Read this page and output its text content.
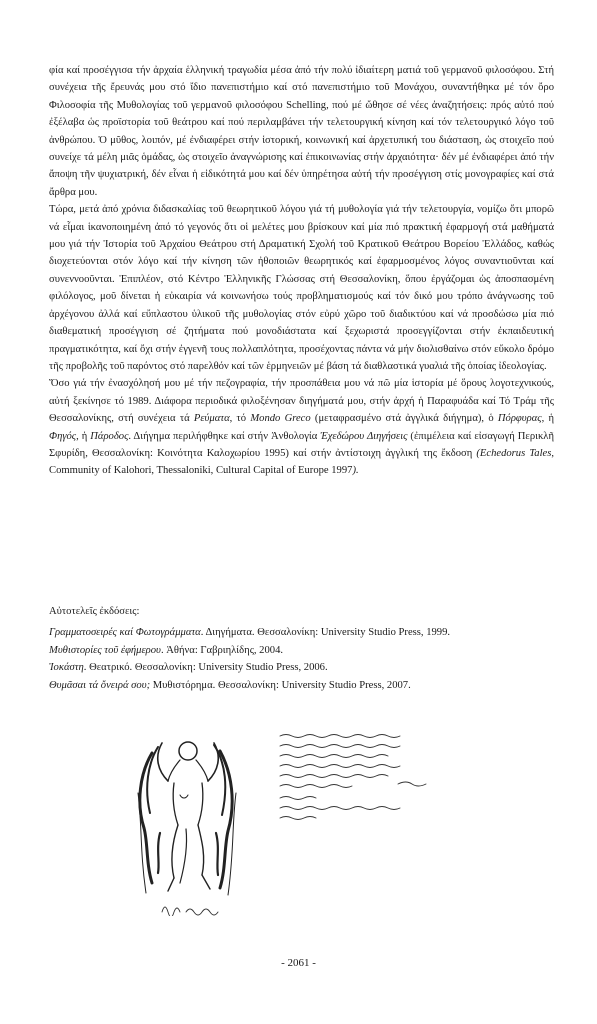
φία καί προσέγγισα τήν ἀρχαία ἑλληνική τραγωδία μέσα ἀπό τήν πολύ ἰδιαίτερη ματιά τοῦ γερμανοῦ φιλοσόφου. Στή συνέχεια τῆς ἔρευνάς μου στό ἴδιο πανεπιστήμιο καί στό πανεπιστήμιο τοῦ Μονάχου, συναντήθηκα μέ τόν ὄρο Φιλοσοφία τῆς Μυθολογίας τοῦ γερμανοῦ φιλοσόφου Schelling, πού μέ ὤθησε σέ νέες ἀναζητήσεις: πρός αὐτό πού ἐξέλαβα ὡς προϊστορία τοῦ θεάτρου καί πού περιλαμβάνει τήν τελετουργική κίνηση καί τόν τελετουργικό λόγο τοῦ ἀνθρώπου. Ὁ μῦθος, λοιπόν, μέ ἐνδιαφέρει στήν ἱστορική, κοινωνική καί ἀρχετυπική του διάσταση, ὡς στοιχεῖο πού συνείχε τά μέλη μιᾶς ὁμάδας, ὡς στοιχεῖο ἀναγνώρισης καί ἐπικοινωνίας στήν ἀρχαιότητα· δέν μέ ἐνδιαφέρει ἀπό τήν ἄποψη τῆν ψυχιατρική, δέν εἶναι ἡ εἰδικότητά μου καί δέν ὑπηρέτησα αὐτή τήν προσέγγιση στίς μονογραφίες καί στά ἄρθρα μου.

Τώρα, μετά ἀπό χρόνια διδασκαλίας τοῦ θεωρητικοῦ λόγου γιά τή μυθολογία γιά τήν τελετουργία, νομίζω ὅτι μπορῶ νά εἶμαι ἱκανοποιημένη ἀπό τό γεγονός ὅτι οἱ μελέτες μου βρίσκουν καί μία πιό πρακτική ἐφαρμογή στά μαθήματά μου γιά τήν Ἱστορία τοῦ Ἀρχαίου Θεάτρου στή Δραματική Σχολή τοῦ Κρατικοῦ Θεάτρου Βορείου Ἑλλάδος, καθώς διοχετεύονται στόν λόγο καί τήν κίνηση τῶν ἠθοποιῶν θεωρητικός καί ἐφαρμοσμένος λόγος συναντιοῦνται καί συνεννοοῦνται. Ἐπιπλέον, στό Κέντρο Ἑλληνικῆς Γλώσσας στή Θεσσαλονίκη, ὅπου ἐργάζομαι ὡς ἀποσπασμένη φιλόλογος, μοῦ δίνεται ἡ εὐκαιρία νά κοινωνήσω τούς προβληματισμούς καί τόν δικό μου τρόπο ἀνάγνωσης τοῦ ἀρχέγονου ἀλλά καί εὔπλαστου ὑλικοῦ τῆς μυθολογίας στόν εὐρύ χῶρο τοῦ διαδικτύου καί νά προσδώσω μία πιό διαθεματική προσέγγιση σέ ζητήματα πού μονοδιάστατα καί ξεχωριστά προσεγγίζονται στήν ἐκπαιδευτική πραγματικότητα, καί ὄχι στήν ἐγγενῆ τους πολλαπλότητα, προσέχοντας πάντα νά μήν διολισθαίνω στόν εὔκολο δρόμο τῆς προβολῆς τοῦ παρόντος στό παρελθόν καί τῶν ἑρμηνειῶν μέ βάση τά διαθλαστικά γυαλιά τῆς ὁποίας ἰδεολογίας.

Ὅσο γιά τήν ἐνασχόλησή μου μέ τήν πεζογραφία, τήν προσπάθεια μου νά πῶ μία ἱστορία μέ ὅρους λογοτεχνικούς, αὐτή ξεκίνησε τό 1989. Διάφορα περιοδικά φιλοξένησαν διηγήματά μου, στήν ἀρχή ἡ Παραφυάδα καί Τό Τράμ τῆς Θεσσαλονίκης, στή συνέχεια τά Ρεύματα, τό Mondo Greco (μεταφρασμένο στά ἀγγλικά διήγημα), ὁ Πόρφυρας, ἡ Φηγός, ἡ Πάροδος. Διήγημα περιλήφθηκε καί στήν Ἀνθολογία Ἐχεδώρου Διηγήσεις (ἐπιμέλεια καί εἰσαγωγή Περικλῆ Σφυρίδη, Θεσσαλονίκη: Κοινότητα Καλοχωρίου 1995) καί στήν ἀντίστοιχη ἀγγλική της ἔκδοση (Echedorus Tales, Community of Kalohori, Thessaloniki, Cultural Capital of Europe 1997).

Αὐτοτελεῖς ἐκδόσεις:

Γραμματοσειρές καί Φωτογράμματα. Διηγήματα. Θεσσαλονίκη: University Studio Press, 1999.

Μυθιστορίες τοῦ ἐφήμερου. Ἀθήνα: Γαβριηλίδης, 2004.

Ἰοκάστη. Θεατρικό. Θεσσαλονίκη: University Studio Press, 2006.

Θυμᾶσαι τά ὄνειρά σου; Μυθιστόρημα. Θεσσαλονίκη: University Studio Press, 2007.

- 2061 -
